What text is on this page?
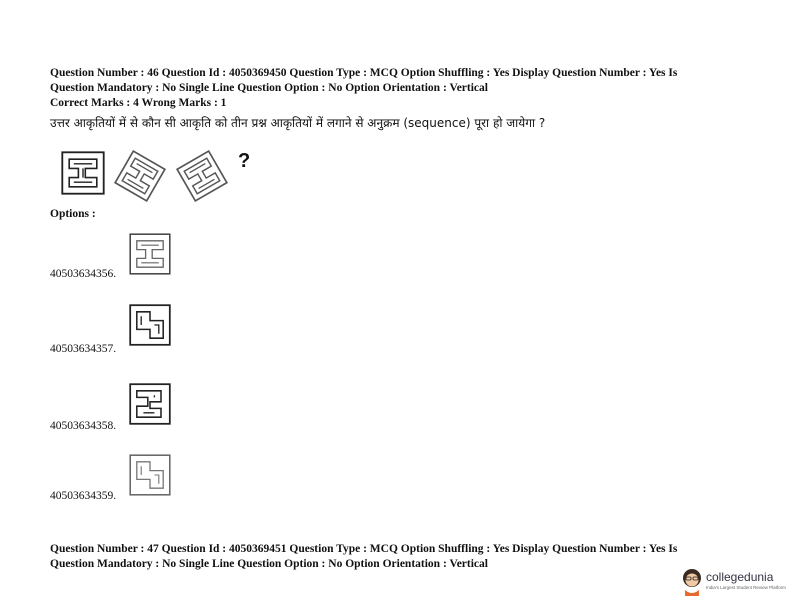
Question Number : 46 Question Id : 4050369450 Question Type : MCQ Option Shuffling : Yes Display Question Number : Yes Is
Question Mandatory : No Single Line Question Option : No Option Orientation : Vertical
Correct Marks : 4 Wrong Marks : 1
उत्तर आकृतियों में से कौन सी आकृति को तीन प्रश्न आकृतियों में लगाने से अनुक्रम (sequence) पूरा हो जायेगा ?
?
Options :
40503634356.
40503634357.
40503634358.
40503634359.
Question Number : 47 Question Id : 4050369451 Question Type : MCQ Option Shuffling : Yes Display Question Number : Yes Is
Question Mandatory : No Single Line Question Option : No Option Orientation : Vertical
collegedunia
India's Largest Student Review Platform
